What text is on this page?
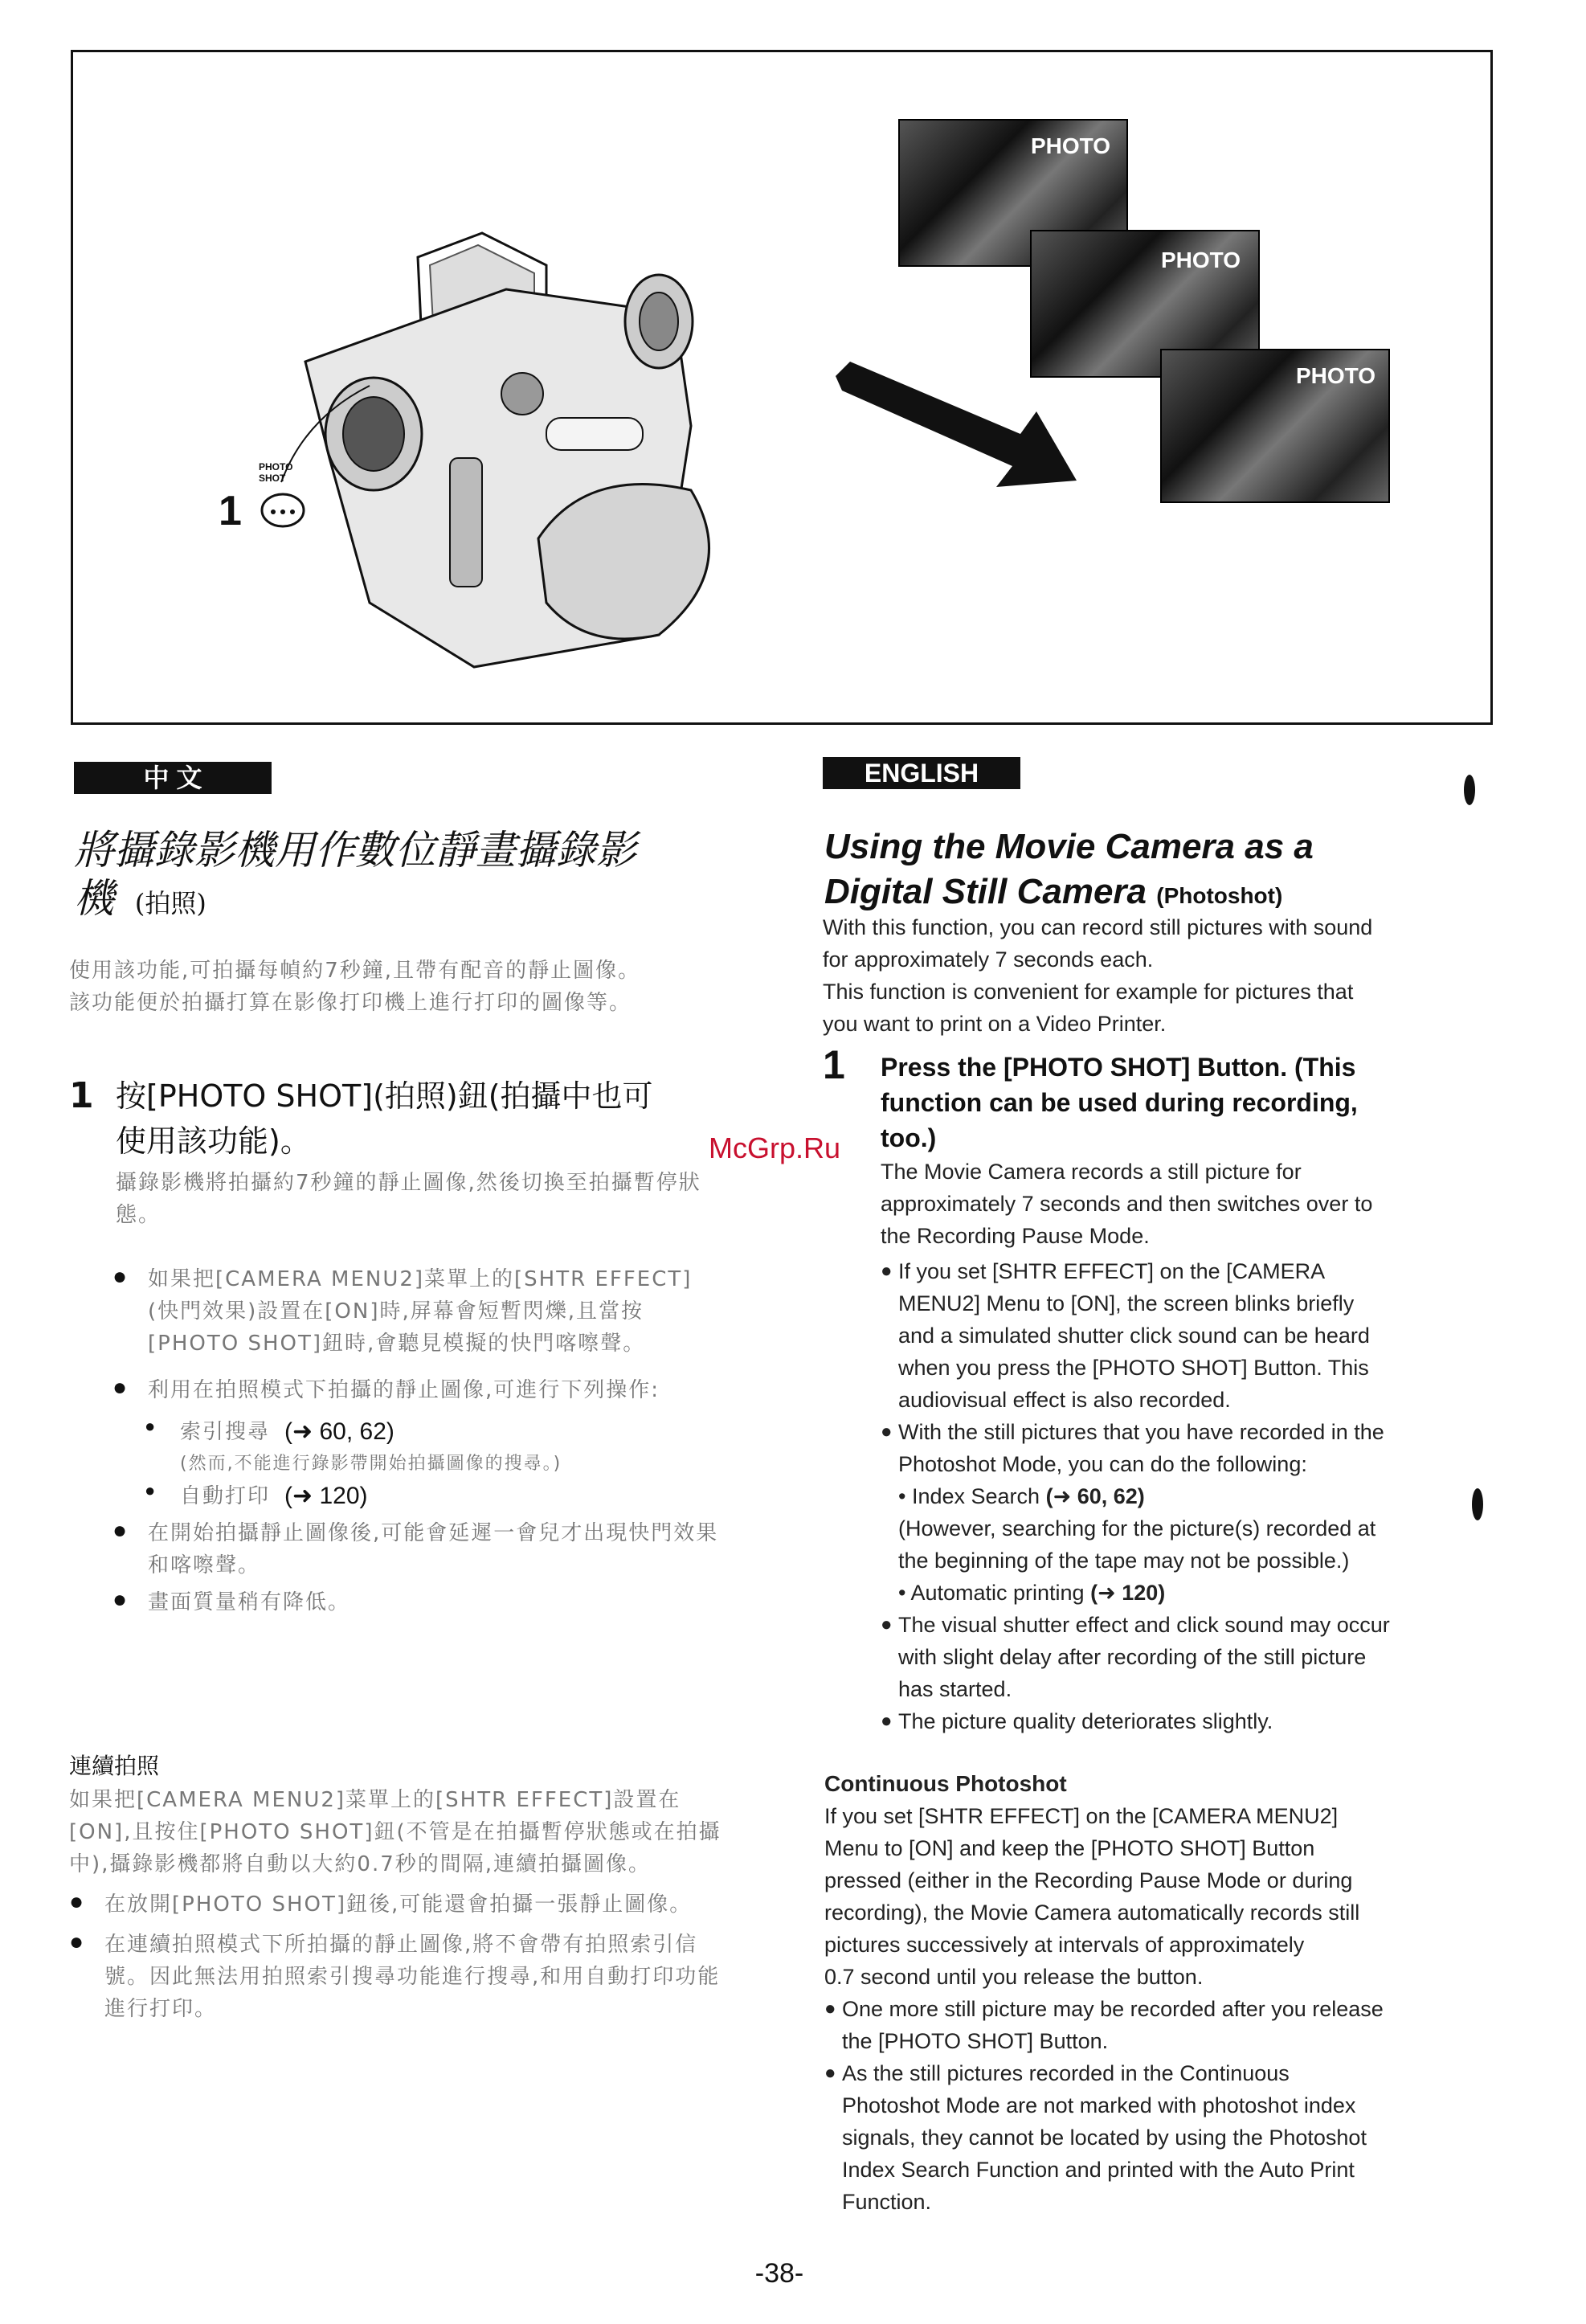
PHOTO
SHOT
1
PHOTO
PHOTO
PHOTO
中 文
將攝錄影機用作數位靜畫攝錄影
機 (拍照)
使用該功能,可拍攝每幀約7秒鐘,且帶有配音的靜止圖像。
該功能便於拍攝打算在影像打印機上進行打印的圖像等。
1 按[PHOTO SHOT](拍照)鈕(拍攝中也可
使用該功能)。
攝錄影機將拍攝約7秒鐘的靜止圖像,然後切換至拍攝暫停狀態。
● 如果把[CAMERA MENU2]菜單上的[SHTR EFFECT](快門效果)設置在[ON]時,屏幕會短暫閃爍,且當按[PHOTO SHOT]鈕時,會聽見模擬的快門喀嚓聲。
● 利用在拍照模式下拍攝的靜止圖像,可進行下列操作:
●	索引搜尋 (➜ 60, 62)
(然而,不能進行錄影帶開始拍攝圖像的搜尋。)
●	自動打印 (➜ 120)
● 在開始拍攝靜止圖像後,可能會延遲一會兒才出現快門效果和喀嚓聲。
● 畫面質量稍有降低。
連續拍照
如果把[CAMERA MENU2]菜單上的[SHTR EFFECT]設置在[ON],且按住[PHOTO SHOT]鈕(不管是在拍攝暫停狀態或在拍攝中),攝錄影機都將自動以大約0.7秒的間隔,連續拍攝圖像。
● 在放開[PHOTO SHOT]鈕後,可能還會拍攝一張靜止圖像。
● 在連續拍照模式下所拍攝的靜止圖像,將不會帶有拍照索引信號。因此無法用拍照索引搜尋功能進行搜尋,和用自動打印功能進行打印。
McGrp.Ru
ENGLISH
Using the Movie Camera as a
Digital Still Camera (Photoshot)
With this function, you can record still pictures with sound
for approximately 7 seconds each.
This function is convenient for example for pictures that
you want to print on a Video Printer.
1	Press the [PHOTO SHOT] Button. (This
function can be used during recording,
too.)
The Movie Camera records a still picture for
approximately 7 seconds and then switches over to
the Recording Pause Mode.
● If you set [SHTR EFFECT] on the [CAMERA
MENU2] Menu to [ON], the screen blinks briefly
and a simulated shutter click sound can be heard
when you press the [PHOTO SHOT] Button. This
audiovisual effect is also recorded.
● With the still pictures that you have recorded in the
Photoshot Mode, you can do the following:
• Index Search (➜ 60, 62)
(However, searching for the picture(s) recorded at
the beginning of the tape may not be possible.)
• Automatic printing (➜ 120)
● The visual shutter effect and click sound may occur
with slight delay after recording of the still picture
has started.
● The picture quality deteriorates slightly.
Continuous Photoshot
If you set [SHTR EFFECT] on the [CAMERA MENU2]
Menu to [ON] and keep the [PHOTO SHOT] Button
pressed (either in the Recording Pause Mode or during
recording), the Movie Camera automatically records still
pictures successively at intervals of approximately
0.7 second until you release the button.
● One more still picture may be recorded after you release
the [PHOTO SHOT] Button.
● As the still pictures recorded in the Continuous
Photoshot Mode are not marked with photoshot index
signals, they cannot be located by using the Photoshot
Index Search Function and printed with the Auto Print
Function.
-38-
